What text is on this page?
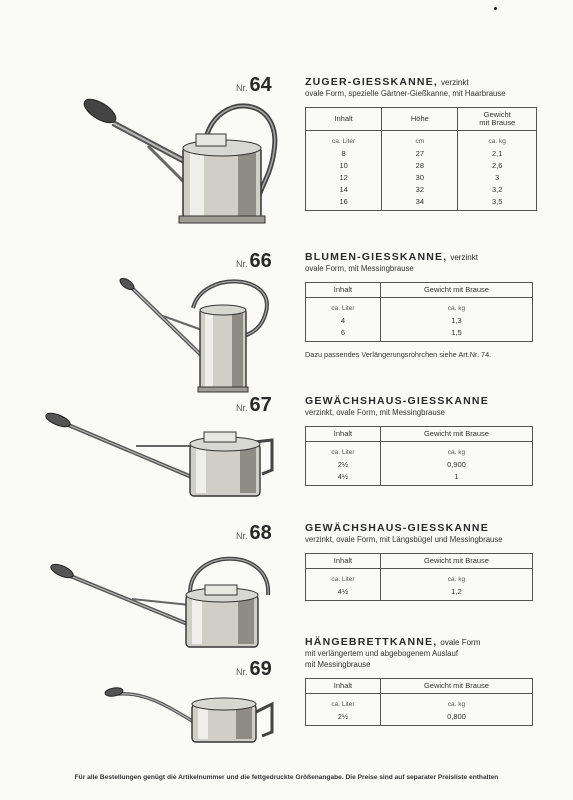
Nr. 64
Nr. 66
Nr. 67
Nr. 68
Nr. 69
ZUGER-GIESSKANNE, verzinkt
ovale Form, spezielle Gärtner-Gießkanne, mit Haarbrause
Inhalt	Höhe	Gewicht
mit Brause
ca. Liter	cm	ca. kg
8	27	2,1
10	28	2,6
12	30	3
14	32	3,2
16	34	3,5
BLUMEN-GIESSKANNE, verzinkt
ovale Form, mit Messingbrause
Inhalt	Gewicht mit Brause
ca. Liter	ca. kg
4	1,3
6	1,5
Dazu passendes Verlängerungsrohrchen siehe Art.Nr. 74.
GEWÄCHSHAUS-GIESSKANNE
verzinkt, ovale Form, mit Messingbrause
Inhalt	Gewicht mit Brause
ca. Liter	ca. kg
2½	0,900
4½	1
GEWÄCHSHAUS-GIESSKANNE
verzinkt, ovale Form, mit Längsbügel und Messingbrause
Inhalt	Gewicht mit Brause
ca. Liter	ca. kg
4½	1,2
HÄNGEBRETTKANNE, ovale Form
mit verlängertem und abgebogenem Auslauf
mit Messingbrause
Inhalt	Gewicht mit Brause
ca. Liter	ca. kg
2½	0,800
Für alle Bestellungen genügt die Artikelnummer und die fettgedruckte Größenangabe. Die Preise sind auf separater Preisliste enthalten
